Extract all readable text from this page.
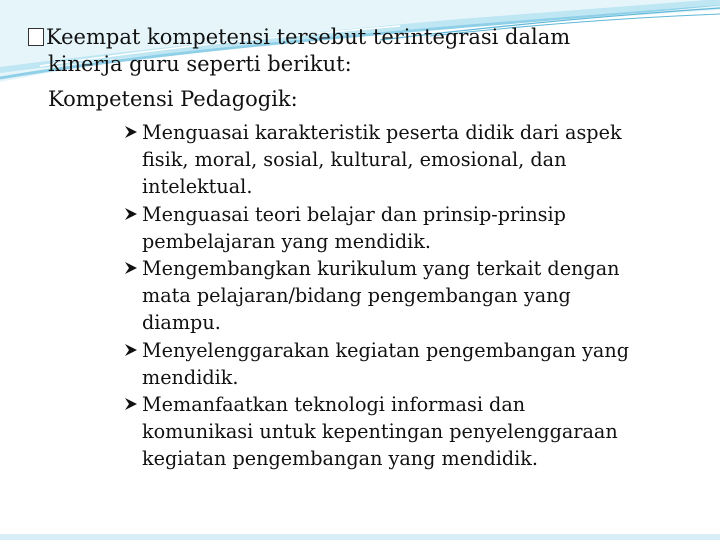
Keempat kompetensi tersebut terintegrasi dalam
kinerja guru seperti berikut:
Kompetensi Pedagogik:
Menguasai karakteristik peserta didik dari aspek
fisik, moral, sosial, kultural, emosional, dan
intelektual.
Menguasai teori belajar dan prinsip-prinsip
pembelajaran yang mendidik.
Mengembangkan kurikulum yang terkait dengan
mata pelajaran/bidang pengembangan yang
diampu.
Menyelenggarakan kegiatan pengembangan yang
mendidik.
Memanfaatkan teknologi informasi dan
komunikasi untuk kepentingan penyelenggaraan
kegiatan pengembangan yang mendidik.
